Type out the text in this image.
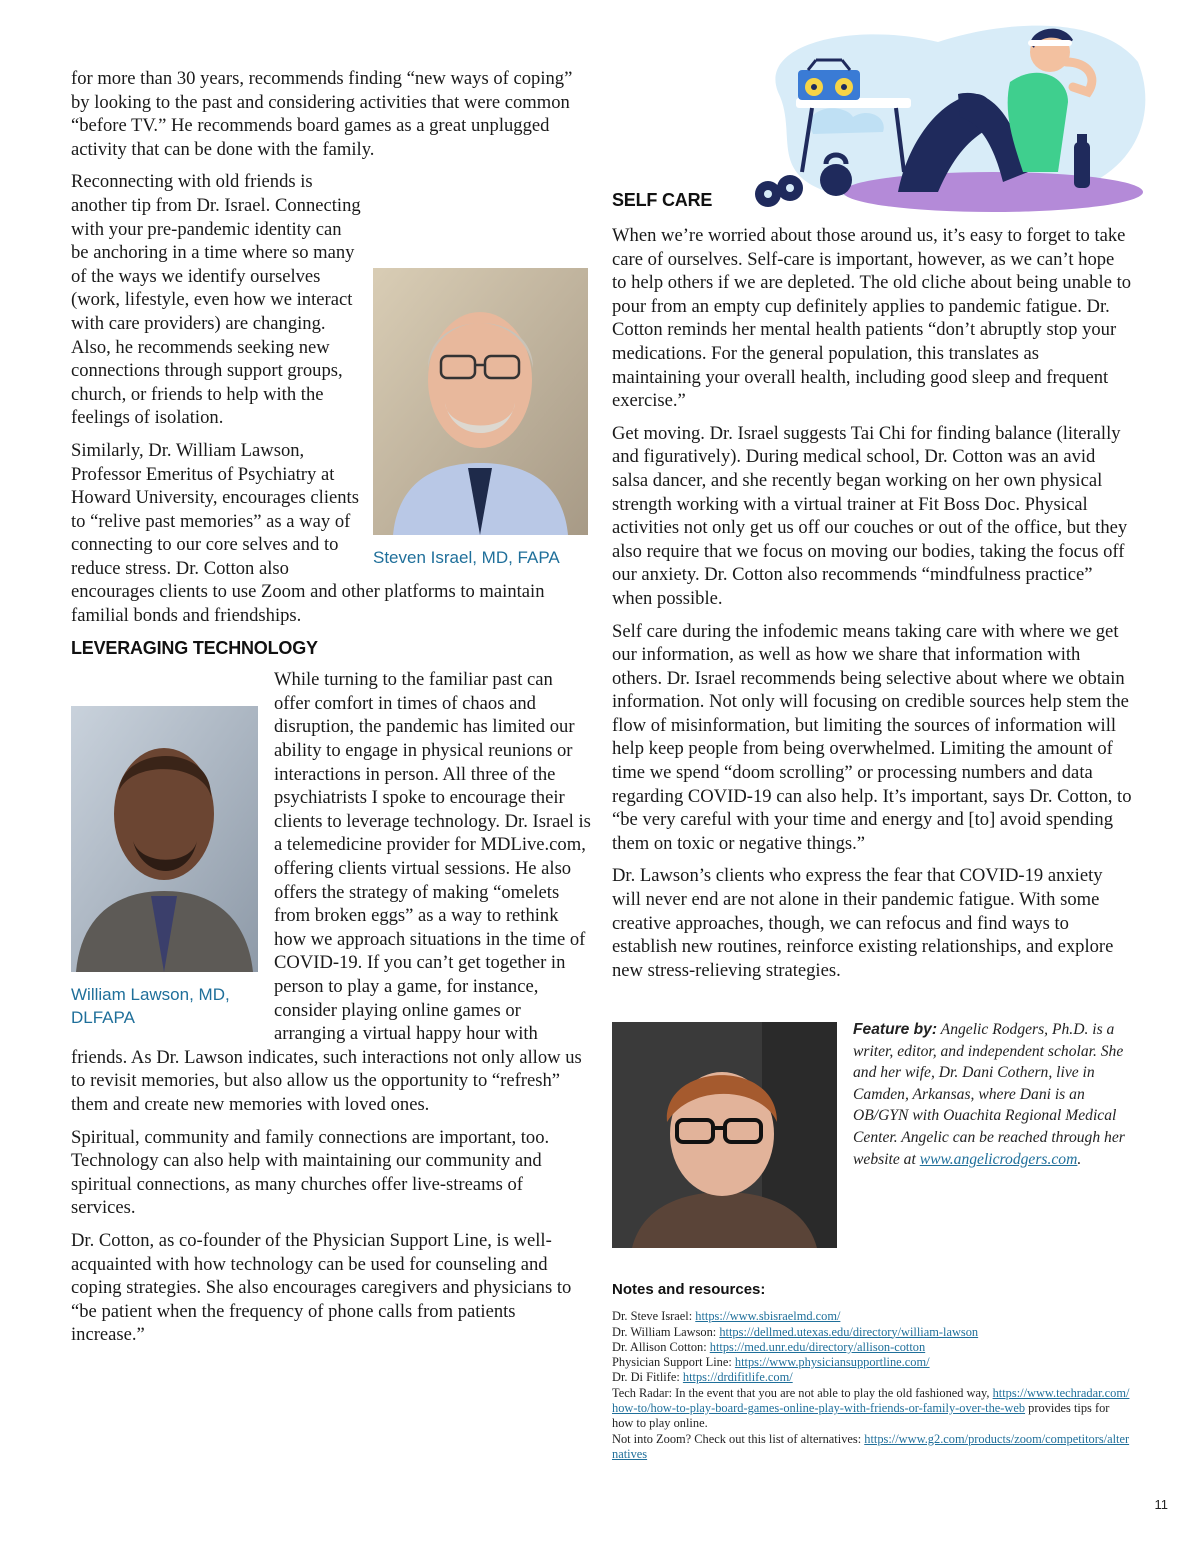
for more than 30 years, recommends finding “new ways of coping” by looking to the past and considering activities that were common “before TV.” He recommends board games as a great unplugged activity that can be done with the family.

Reconnecting with old friends is another tip from Dr. Israel. Connecting with your pre-pandemic identity can be anchoring in a time where so many of the ways we identify ourselves (work, lifestyle, even how we interact with care providers) are changing. Also, he recommends seeking new connections through support groups, church, or friends to help with the feelings of isolation.

Similarly, Dr. William Lawson, Professor Emeritus of Psychiatry at Howard University, encourages clients to “relive past memories” as a way of connecting to our core selves and to reduce stress. Dr. Cotton also encourages clients to use Zoom and other platforms to maintain familial bonds and friendships.

LEVERAGING TECHNOLOGY

While turning to the familiar past can offer comfort in times of chaos and disruption, the pandemic has limited our ability to engage in physical reunions or interactions in person. All three of the psychiatrists I spoke to encourage their clients to leverage technology. Dr. Israel is a telemedicine provider for MDLive.com, offering clients virtual sessions. He also offers the strategy of making “omelets from broken eggs” as a way to rethink how we approach situations in the time of COVID-19. If you can’t get together in person to play a game, for instance, consider playing online games or arranging a virtual happy hour with friends. As Dr. Lawson indicates, such interactions not only allow us to revisit memories, but also allow us the opportunity to “refresh” them and create new memories with loved ones.

Spiritual, community and family connections are important, too. Technology can also help with maintaining our community and spiritual connections, as many churches offer live-streams of services.

Dr. Cotton, as co-founder of the Physician Support Line, is well-acquainted with how technology can be used for counseling and coping strategies. She also encourages caregivers and physicians to “be patient when the frequency of phone calls from patients increase.”

Steven Israel, MD, FAPA
William Lawson, MD, DLFAPA
SELF CARE

When we’re worried about those around us, it’s easy to forget to take care of ourselves. Self-care is important, however, as we can’t hope to help others if we are depleted. The old cliche about being unable to pour from an empty cup definitely applies to pandemic fatigue. Dr. Cotton reminds her mental health patients “don’t abruptly stop your medications. For the general population, this translates as maintaining your overall health, including good sleep and frequent exercise.”

Get moving. Dr. Israel suggests Tai Chi for finding balance (literally and figuratively). During medical school, Dr. Cotton was an avid salsa dancer, and she recently began working on her own physical strength working with a virtual trainer at Fit Boss Doc. Physical activities not only get us off our couches or out of the office, but they also require that we focus on moving our bodies, taking the focus off our anxiety. Dr. Cotton also recommends “mindfulness practice” when possible.

Self care during the infodemic means taking care with where we get our information, as well as how we share that information with others. Dr. Israel recommends being selective about where we obtain information. Not only will focusing on credible sources help stem the flow of misinformation, but limiting the sources of information will help keep people from being overwhelmed. Limiting the amount of time we spend “doom scrolling” or processing numbers and data regarding COVID-19 can also help. It’s important, says Dr. Cotton, to “be very careful with your time and energy and [to] avoid spending them on toxic or negative things.”

Dr. Lawson’s clients who express the fear that COVID-19 anxiety will never end are not alone in their pandemic fatigue. With some creative approaches, though, we can refocus and find ways to establish new routines, reinforce existing relationships, and explore new stress-relieving strategies.

Feature by: Angelic Rodgers, Ph.D. is a writer, editor, and independent scholar. She and her wife, Dr. Dani Cothern, live in Camden, Arkansas, where Dani is an OB/GYN with Ouachita Regional Medical Center. Angelic can be reached through her website at www.angelicrodgers.com.
Notes and resources:
Dr. Steve Israel: https://www.sbisraelmd.com/
Dr. William Lawson: https://dellmed.utexas.edu/directory/william-lawson
Dr. Allison Cotton: https://med.unr.edu/directory/allison-cotton
Physician Support Line: https://www.physiciansupportline.com/
Dr. Di Fitlife: https://drdifitlife.com/
Tech Radar: In the event that you are not able to play the old fashioned way, https://www.techradar.com/how-to/how-to-play-board-games-online-play-with-friends-or-family-over-the-web provides tips for how to play online.
Not into Zoom? Check out this list of alternatives: https://www.g2.com/products/zoom/competitors/alternatives
11
